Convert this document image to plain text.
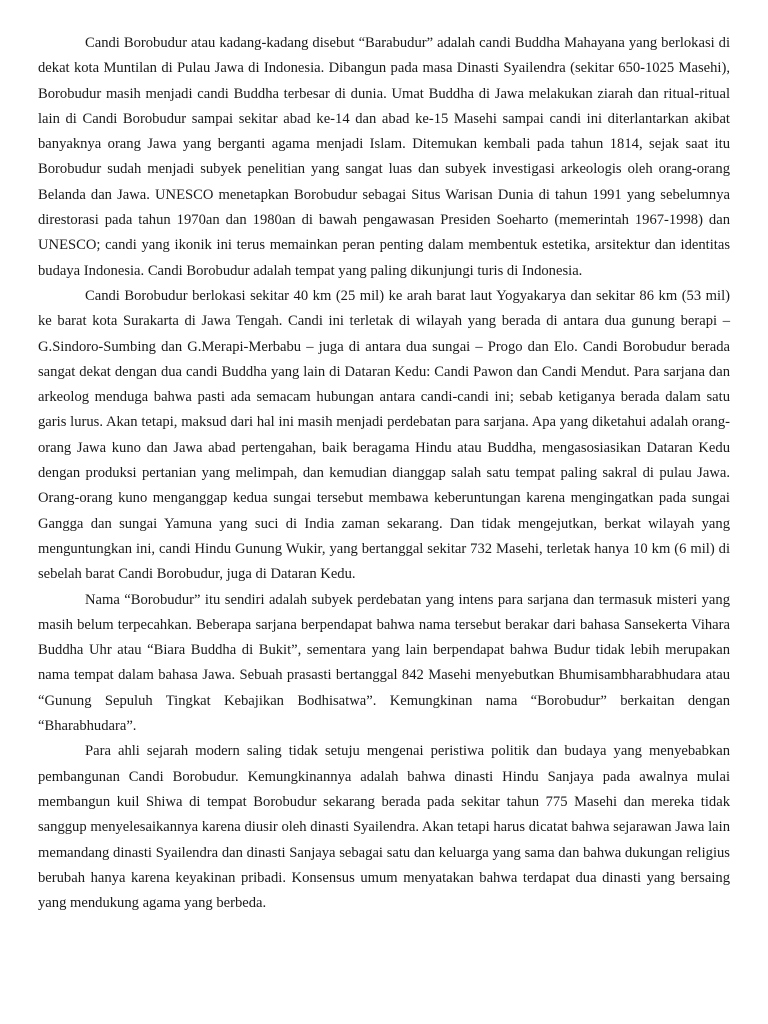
Candi Borobudur atau kadang-kadang disebut “Barabudur” adalah candi Buddha Mahayana yang berlokasi di dekat kota Muntilan di Pulau Jawa di Indonesia. Dibangun pada masa Dinasti Syailendra (sekitar 650-1025 Masehi), Borobudur masih menjadi candi Buddha terbesar di dunia. Umat Buddha di Jawa melakukan ziarah dan ritual-ritual lain di Candi Borobudur sampai sekitar abad ke-14 dan abad ke-15 Masehi sampai candi ini diterlantarkan akibat banyaknya orang Jawa yang berganti agama menjadi Islam. Ditemukan kembali pada tahun 1814, sejak saat itu Borobudur sudah menjadi subyek penelitian yang sangat luas dan subyek investigasi arkeologis oleh orang-orang Belanda dan Jawa. UNESCO menetapkan Borobudur sebagai Situs Warisan Dunia di tahun 1991 yang sebelumnya direstorasi pada tahun 1970an dan 1980an di bawah pengawasan Presiden Soeharto (memerintah 1967-1998) dan UNESCO; candi yang ikonik ini terus memainkan peran penting dalam membentuk estetika, arsitektur dan identitas budaya Indonesia. Candi Borobudur adalah tempat yang paling dikunjungi turis di Indonesia.

Candi Borobudur berlokasi sekitar 40 km (25 mil) ke arah barat laut Yogyakarya dan sekitar 86 km (53 mil) ke barat kota Surakarta di Jawa Tengah. Candi ini terletak di wilayah yang berada di antara dua gunung berapi – G.Sindoro-Sumbing dan G.Merapi-Merbabu – juga di antara dua sungai – Progo dan Elo. Candi Borobudur berada sangat dekat dengan dua candi Buddha yang lain di Dataran Kedu: Candi Pawon dan Candi Mendut. Para sarjana dan arkeolog menduga bahwa pasti ada semacam hubungan antara candi-candi ini; sebab ketiganya berada dalam satu garis lurus. Akan tetapi, maksud dari hal ini masih menjadi perdebatan para sarjana. Apa yang diketahui adalah orang-orang Jawa kuno dan Jawa abad pertengahan, baik beragama Hindu atau Buddha, mengasosiasikan Dataran Kedu dengan produksi pertanian yang melimpah, dan kemudian dianggap salah satu tempat paling sakral di pulau Jawa. Orang-orang kuno menganggap kedua sungai tersebut membawa keberuntungan karena mengingatkan pada sungai Gangga dan sungai Yamuna yang suci di India zaman sekarang. Dan tidak mengejutkan, berkat wilayah yang menguntungkan ini, candi Hindu Gunung Wukir, yang bertanggal sekitar 732 Masehi, terletak hanya 10 km (6 mil) di sebelah barat Candi Borobudur, juga di Dataran Kedu.

Nama “Borobudur” itu sendiri adalah subyek perdebatan yang intens para sarjana dan termasuk misteri yang masih belum terpecahkan. Beberapa sarjana berpendapat bahwa nama tersebut berakar dari bahasa Sansekerta Vihara Buddha Uhr atau “Biara Buddha di Bukit”, sementara yang lain berpendapat bahwa Budur tidak lebih merupakan nama tempat dalam bahasa Jawa. Sebuah prasasti bertanggal 842 Masehi menyebutkan Bhumisambharabhudara atau “Gunung Sepuluh Tingkat Kebajikan Bodhisatwa”. Kemungkinan nama “Borobudur” berkaitan dengan “Bharabhudara”.

Para ahli sejarah modern saling tidak setuju mengenai peristiwa politik dan budaya yang menyebabkan pembangunan Candi Borobudur. Kemungkinannya adalah bahwa dinasti Hindu Sanjaya pada awalnya mulai membangun kuil Shiwa di tempat Borobudur sekarang berada pada sekitar tahun 775 Masehi dan mereka tidak sanggup menyelesaikannya karena diusir oleh dinasti Syailendra. Akan tetapi harus dicatat bahwa sejarawan Jawa lain memandang dinasti Syailendra dan dinasti Sanjaya sebagai satu dan keluarga yang sama dan bahwa dukungan religius berubah hanya karena keyakinan pribadi. Konsensus umum menyatakan bahwa terdapat dua dinasti yang bersaing yang mendukung agama yang berbeda.
